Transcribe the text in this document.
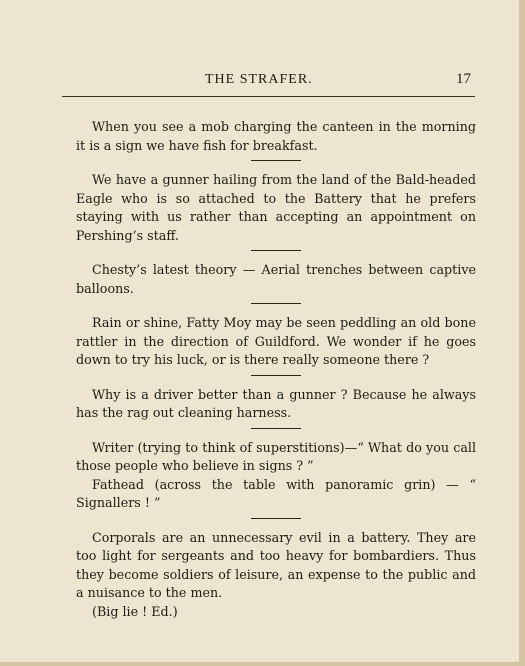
THE STRAFER.	17

When you see a mob charging the canteen in the morning it is a sign we have fish for breakfast.

We have a gunner hailing from the land of the Bald-headed Eagle who is so attached to the Battery that he prefers staying with us rather than accepting an appointment on Pershing’s staff.

Chesty’s latest theory — Aerial trenches between captive balloons.

Rain or shine, Fatty Moy may be seen peddling an old bone rattler in the direction of Guildford. We wonder if he goes down to try his luck, or is there really someone there ?

Why is a driver better than a gunner ? Because he always has the rag out cleaning harness.

Writer (trying to think of superstitions)—“ What do you call those people who believe in signs ? ”

Fathead (across the table with panoramic grin) — “ Signallers ! ”

Corporals are an unnecessary evil in a battery. They are too light for sergeants and too heavy for bombardiers. Thus they become soldiers of leisure, an expense to the public and a nuisance to the men.

(Big lie ! Ed.)
